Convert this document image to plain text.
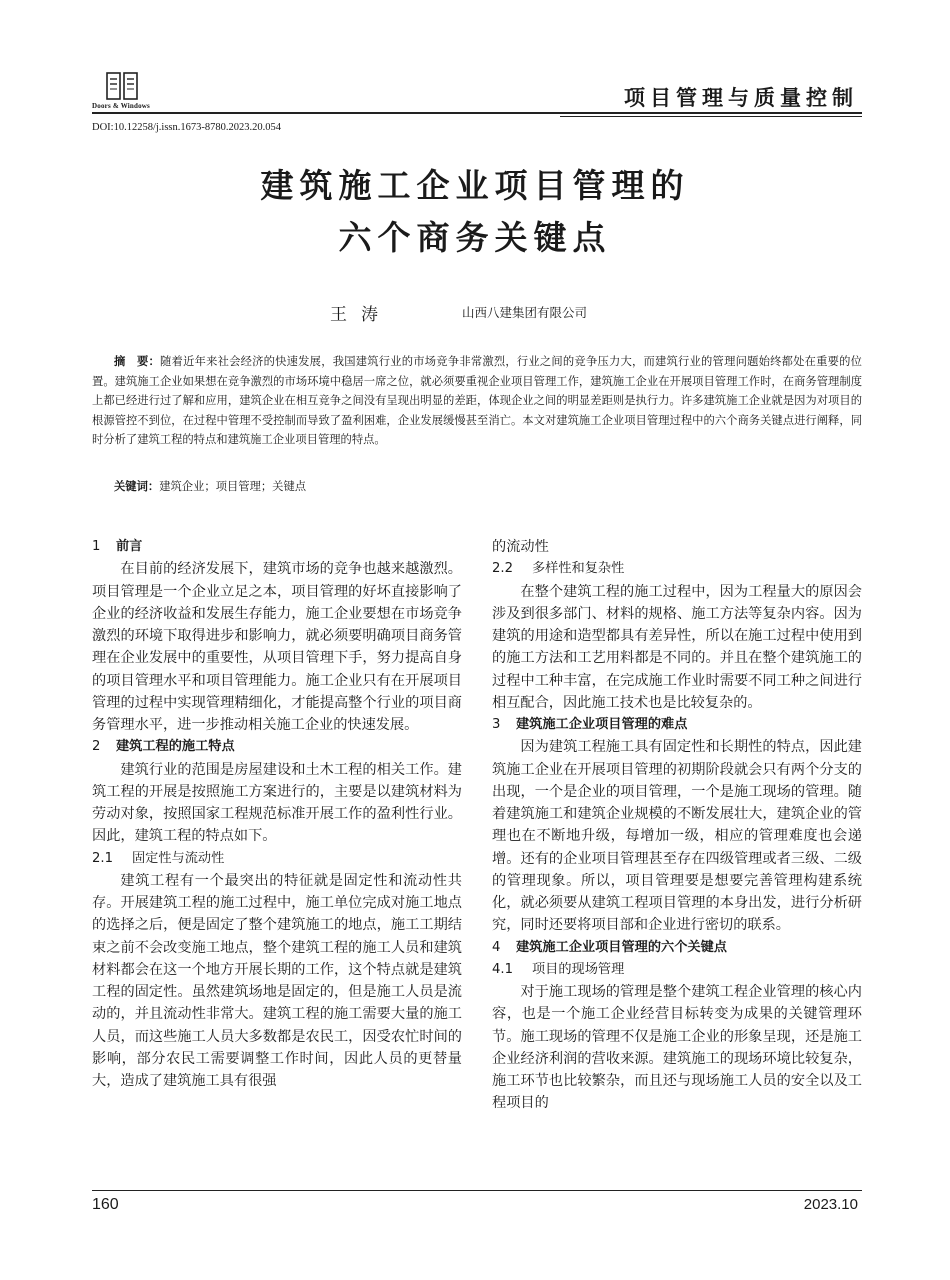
Doors & Windows	项目管理与质量控制
DOI:10.12258/j.issn.1673-8780.2023.20.054
建筑施工企业项目管理的
六个商务关键点
王涛	山西八建集团有限公司

摘　要：随着近年来社会经济的快速发展，我国建筑行业的市场竞争非常激烈，行业之间的竞争压力大，而建筑行业的管理问题始终都处在重要的位置。建筑施工企业如果想在竞争激烈的市场环境中稳居一席之位，就必须要重视企业项目管理工作，建筑施工企业在开展项目管理工作时，在商务管理制度上都已经进行过了解和应用，建筑企业在相互竞争之间没有呈现出明显的差距，体现企业之间的明显差距则是执行力。许多建筑施工企业就是因为对项目的根源管控不到位，在过程中管理不受控制而导致了盈利困难，企业发展缓慢甚至消亡。本文对建筑施工企业项目管理过程中的六个商务关键点进行阐释，同时分析了建筑工程的特点和建筑施工企业项目管理的特点。

关键词：建筑企业；项目管理；关键点
1 前言

在目前的经济发展下，建筑市场的竞争也越来越激烈。项目管理是一个企业立足之本，项目管理的好坏直接影响了企业的经济收益和发展生存能力，施工企业要想在市场竞争激烈的环境下取得进步和影响力，就必须要明确项目商务管理在企业发展中的重要性，从项目管理下手，努力提高自身的项目管理水平和项目管理能力。施工企业只有在开展项目管理的过程中实现管理精细化，才能提高整个行业的项目商务管理水平，进一步推动相关施工企业的快速发展。

2 建筑工程的施工特点

建筑行业的范围是房屋建设和土木工程的相关工作。建筑工程的开展是按照施工方案进行的，主要是以建筑材料为劳动对象，按照国家工程规范标准开展工作的盈利性行业。因此，建筑工程的特点如下。

2.1 固定性与流动性

建筑工程有一个最突出的特征就是固定性和流动性共存。开展建筑工程的施工过程中，施工单位完成对施工地点的选择之后，便是固定了整个建筑施工的地点，施工工期结束之前不会改变施工地点，整个建筑工程的施工人员和建筑材料都会在这一个地方开展长期的工作，这个特点就是建筑工程的固定性。虽然建筑场地是固定的，但是施工人员是流动的，并且流动性非常大。建筑工程的施工需要大量的施工人员，而这些施工人员大多数都是农民工，因受农忙时间的影响，部分农民工需要调整工作时间，因此人员的更替量大，造成了建筑施工具有很强

的流动性

2.2 多样性和复杂性

在整个建筑工程的施工过程中，因为工程量大的原因会涉及到很多部门、材料的规格、施工方法等复杂内容。因为建筑的用途和造型都具有差异性，所以在施工过程中使用到的施工方法和工艺用料都是不同的。并且在整个建筑施工的过程中工种丰富，在完成施工作业时需要不同工种之间进行相互配合，因此施工技术也是比较复杂的。

3 建筑施工企业项目管理的难点

因为建筑工程施工具有固定性和长期性的特点，因此建筑施工企业在开展项目管理的初期阶段就会只有两个分支的出现，一个是企业的项目管理，一个是施工现场的管理。随着建筑施工和建筑企业规模的不断发展壮大，建筑企业的管理也在不断地升级，每增加一级，相应的管理难度也会递增。还有的企业项目管理甚至存在四级管理或者三级、二级的管理现象。所以，项目管理要是想要完善管理构建系统化，就必须要从建筑工程项目管理的本身出发，进行分析研究，同时还要将项目部和企业进行密切的联系。

4 建筑施工企业项目管理的六个关键点
4.1 项目的现场管理

对于施工现场的管理是整个建筑工程企业管理的核心内容，也是一个施工企业经营目标转变为成果的关键管理环节。施工现场的管理不仅是施工企业的形象呈现，还是施工企业经济利润的营收来源。建筑施工的现场环境比较复杂，施工环节也比较繁杂，而且还与现场施工人员的安全以及工程项目的

160	2023.10
